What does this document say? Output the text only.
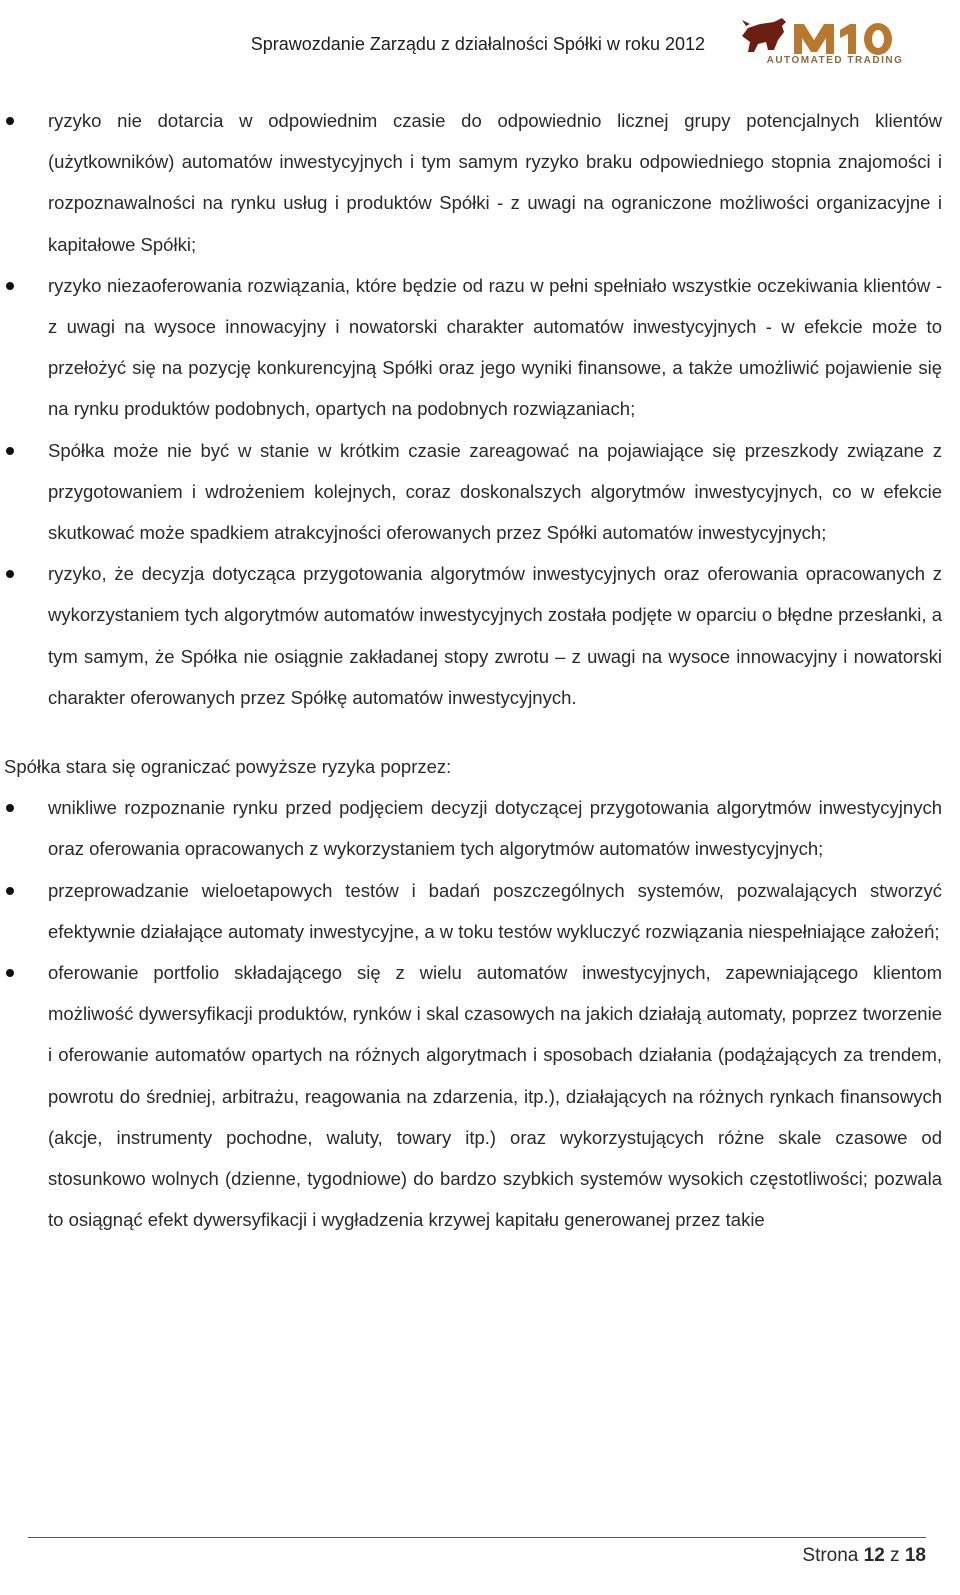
Sprawozdanie Zarządu z działalności Spółki w roku 2012
AUTOMATED TRADING
ryzyko nie dotarcia w odpowiednim czasie do odpowiednio licznej grupy potencjalnych klientów (użytkowników) automatów inwestycyjnych i tym samym ryzyko braku odpowiedniego stopnia znajomości i rozpoznawalności na rynku usług i produktów Spółki - z uwagi na ograniczone możliwości organizacyjne i kapitałowe Spółki;
ryzyko niezaoferowania rozwiązania, które będzie od razu w pełni spełniało wszystkie oczekiwania klientów - z uwagi na wysoce innowacyjny i nowatorski charakter automatów inwestycyjnych - w efekcie może to przełożyć się na pozycję konkurencyjną Spółki oraz jego wyniki finansowe, a także umożliwić pojawienie się na rynku produktów podobnych, opartych na podobnych rozwiązaniach;
Spółka może nie być w stanie w krótkim czasie zareagować na pojawiające się przeszkody związane z przygotowaniem i wdrożeniem kolejnych, coraz doskonalszych algorytmów inwestycyjnych, co w efekcie skutkować może spadkiem atrakcyjności oferowanych przez Spółki automatów inwestycyjnych;
ryzyko, że decyzja dotycząca przygotowania algorytmów inwestycyjnych oraz oferowania opracowanych z wykorzystaniem tych algorytmów automatów inwestycyjnych została podjęte w oparciu o błędne przesłanki, a tym samym, że Spółka nie osiągnie zakładanej stopy zwrotu – z uwagi na wysoce innowacyjny i nowatorski charakter oferowanych przez Spółkę automatów inwestycyjnych.
Spółka stara się ograniczać powyższe ryzyka poprzez:
wnikliwe rozpoznanie rynku przed podjęciem decyzji dotyczącej przygotowania algorytmów inwestycyjnych oraz oferowania opracowanych z wykorzystaniem tych algorytmów automatów inwestycyjnych;
przeprowadzanie wieloetapowych testów i badań poszczególnych systemów, pozwalających stworzyć efektywnie działające automaty inwestycyjne, a w toku testów wykluczyć rozwiązania niespełniające założeń;
oferowanie portfolio składającego się z wielu automatów inwestycyjnych, zapewniającego klientom możliwość dywersyfikacji produktów, rynków i skal czasowych na jakich działają automaty, poprzez tworzenie i oferowanie automatów opartych na różnych algorytmach i sposobach działania (podążających za trendem, powrotu do średniej, arbitrażu, reagowania na zdarzenia, itp.), działających na różnych rynkach finansowych (akcje, instrumenty pochodne, waluty, towary itp.) oraz wykorzystujących różne skale czasowe od stosunkowo wolnych (dzienne, tygodniowe) do bardzo szybkich systemów wysokich częstotliwości; pozwala to osiągnąć efekt dywersyfikacji i wygładzenia krzywej kapitału generowanej przez takie
Strona 12 z 18
